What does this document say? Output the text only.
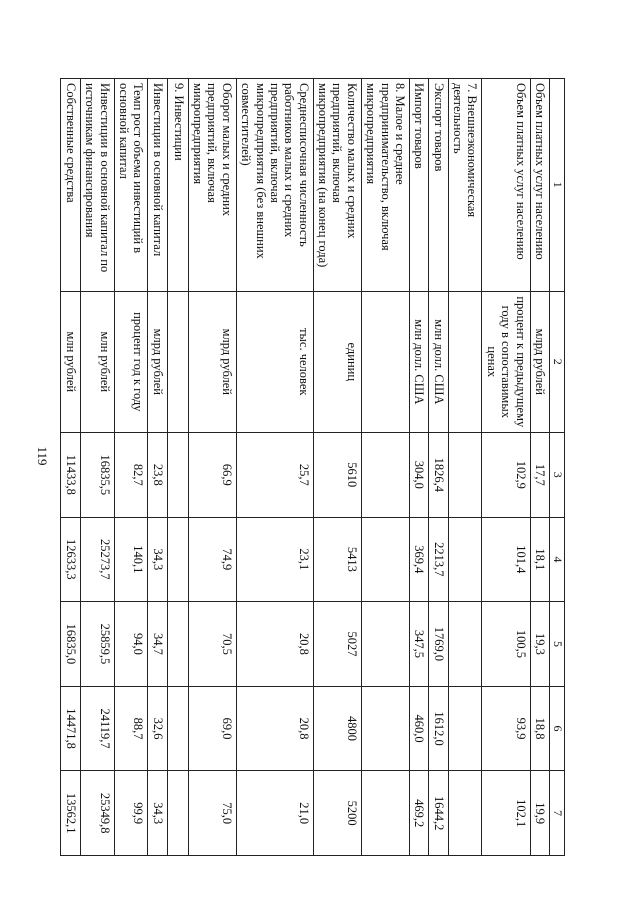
119
1	2	3	4	5	6	7
Объем платных услуг населению	млрд рублей	17,7	18,1	19,3	18,8	19,9
Объем платных услуг населению	процент к предыдущему году в сопоставимых ценах	102,9	101,4	100,5	93,9	102,1
7. Внешнеэкономическая деятельность						
Экспорт товаров	млн долл. США	1826,4	2213,7	1769,0	1612,0	1644,2
Импорт товаров	млн долл. США	304,0	369,4	347,5	460,0	469,2
8. Малое и среднее предпринимательство, включая микропредприятия						
Количество малых и средних предприятий, включая микропредприятия (на конец года)	единиц	5610	5413	5027	4800	5200
Среднесписочная численность работников малых и средних предприятий, включая микропредприятия (без внешних совместителей)	тыс. человек	25,7	23,1	20,8	20,8	21,0
Оборот малых и средних предприятий, включая микропредприятия	млрд рублей	66,9	74,9	70,5	69,0	75,0
9. Инвестиции						
Инвестиции в основной капитал	млрд рублей	23,8	34,3	34,7	32,6	34,3
Темп рост объема инвестиций в основной капитал	процент год к году	82,7	140,1	94,0	88,7	99,9
Инвестиции в основной капитал по источникам финансирования	млн рублей	16835,5	25273,7	25859,5	24119,7	25349,8
Собственные средства	млн рублей	11433,8	12633,3	16835,0	14471,8	13562,1
